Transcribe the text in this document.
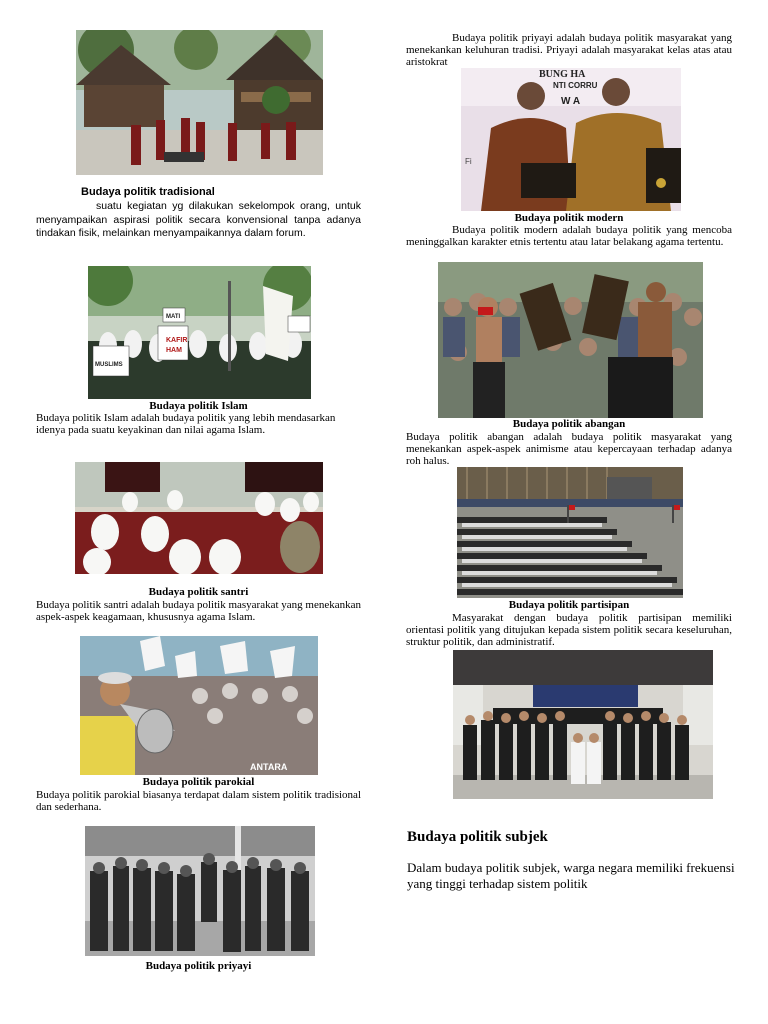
Budaya politik tradisional
suatu kegiatan yg dilakukan sekelompok orang, untuk menyampaikan aspirasi politik secara konvensional tanpa adanya tindakan fisik, melainkan menyampaikannya dalam forum.
KAFIR
HAM
MUSLIMS
MATI
Budaya politik Islam
Budaya politik Islam adalah budaya politik yang lebih mendasarkan idenya pada suatu keyakinan dan nilai agama Islam.
Budaya politik santri
Budaya politik santri adalah budaya politik masyarakat yang menekankan aspek-aspek keagamaan, khususnya agama Islam.
ANTARA
Budaya politik parokial
Budaya politik parokial biasanya terdapat dalam sistem politik tradisional dan sederhana.
Budaya politik priyayi
Budaya politik priyayi adalah budaya politik masyarakat yang menekankan keluhuran tradisi. Priyayi adalah masyarakat kelas atas atau aristokrat
BUNG HA
NTI CORRU
W A
Fi
Budaya politik modern
Budaya politik modern adalah budaya politik yang mencoba meninggalkan karakter etnis tertentu atau latar belakang agama tertentu.
Budaya politik abangan
Budaya politik abangan adalah budaya politik masyarakat yang menekankan aspek-aspek animisme atau kepercayaan terhadap adanya roh halus.
Budaya politik partisipan
Masyarakat dengan budaya politik partisipan memiliki orientasi politik yang ditujukan kepada sistem politik secara keseluruhan, struktur politik, dan administratif.
Budaya politik subjek
Dalam budaya politik subjek, warga negara memiliki frekuensi yang tinggi terhadap sistem politik
